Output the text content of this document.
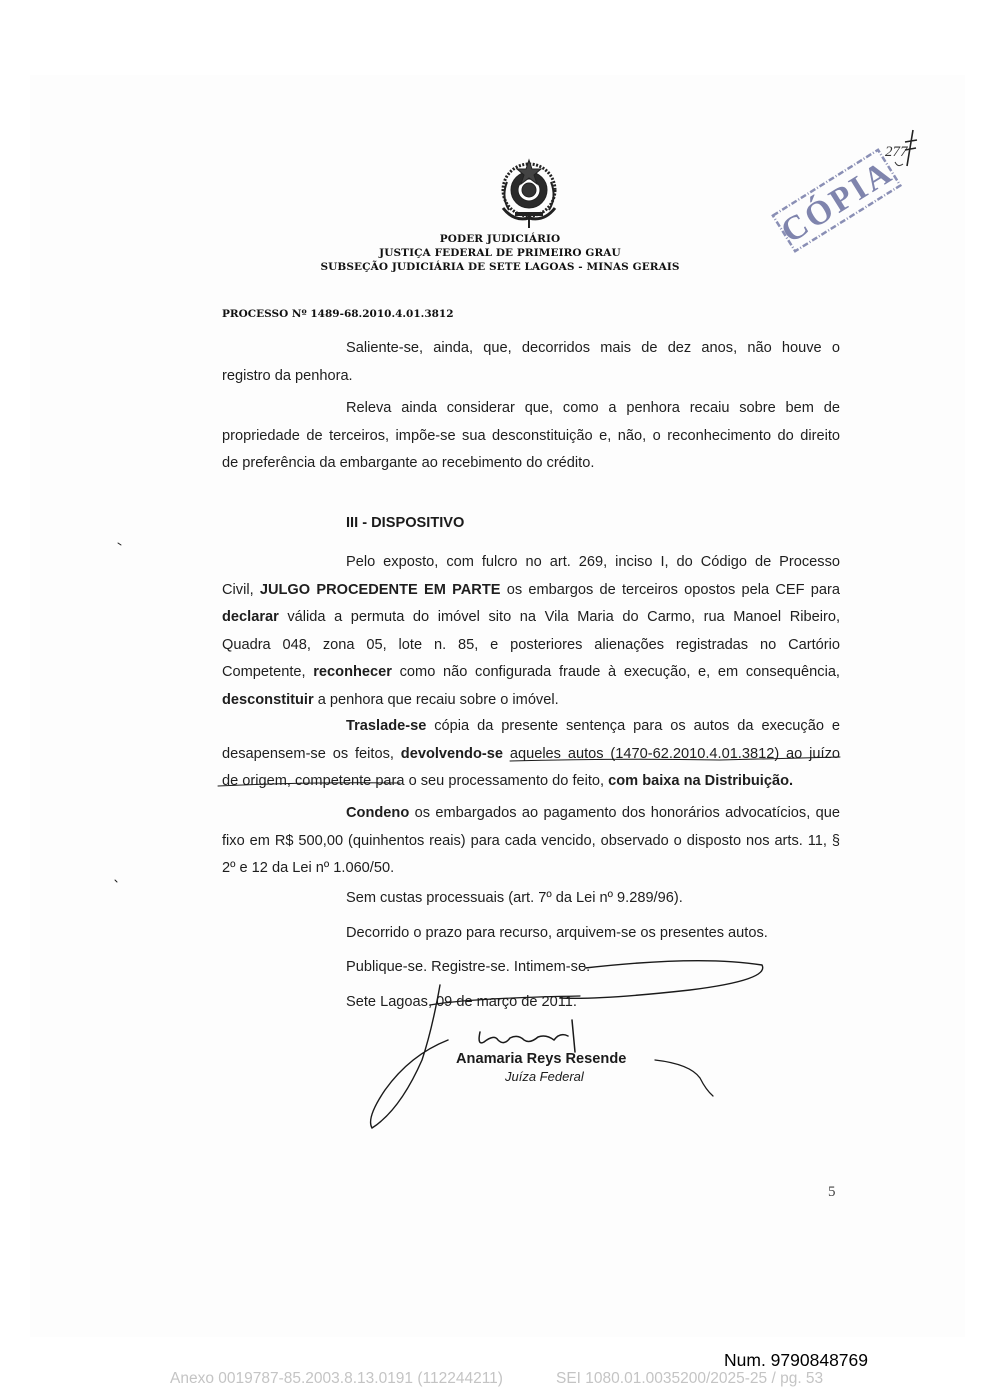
PODER JUDICIÁRIO
JUSTIÇA FEDERAL DE PRIMEIRO GRAU
SUBSEÇÃO JUDICIÁRIA DE SETE LAGOAS - MINAS GERAIS
CÓPIA
277
PROCESSO Nº 1489-68.2010.4.01.3812
Saliente-se, ainda, que, decorridos mais de dez anos, não houve o
registro da penhora.
Releva ainda considerar que, como a penhora recaiu sobre bem de
propriedade de terceiros, impõe-se sua desconstituição e, não, o reconhecimento do direito
de preferência da embargante ao recebimento do crédito.
III - DISPOSITIVO
Pelo exposto, com fulcro no art. 269, inciso I, do Código de Processo
Civil, JULGO PROCEDENTE EM PARTE os embargos de terceiros opostos pela CEF para
declarar válida a permuta do imóvel sito na Vila Maria do Carmo, rua Manoel Ribeiro,
Quadra 048, zona 05, lote n. 85, e posteriores alienações registradas no Cartório
Competente, reconhecer como não configurada fraude à execução, e, em consequência,
desconstituir a penhora que recaiu sobre o imóvel.
Traslade-se cópia da presente sentença para os autos da execução e
desapensem-se os feitos, devolvendo-se aqueles autos (1470-62.2010.4.01.3812) ao juízo
de origem, competente para o seu processamento do feito, com baixa na Distribuição.
Condeno os embargados ao pagamento dos honorários advocatícios, que
fixo em R$ 500,00 (quinhentos reais) para cada vencido, observado o disposto nos arts. 11, §
2º e 12 da Lei nº 1.060/50.
Sem custas processuais (art. 7º da Lei nº 9.289/96).
Decorrido o prazo para recurso, arquivem-se os presentes autos.
Publique-se. Registre-se. Intimem-se.
Sete Lagoas, 09 de março de 2011.
Anamaria Reys Resende
Juíza Federal
5
Num. 9790848769
Anexo 0019787-85.2003.8.13.0191 (112244211)	SEI 1080.01.0035200/2025-25 / pg. 53
